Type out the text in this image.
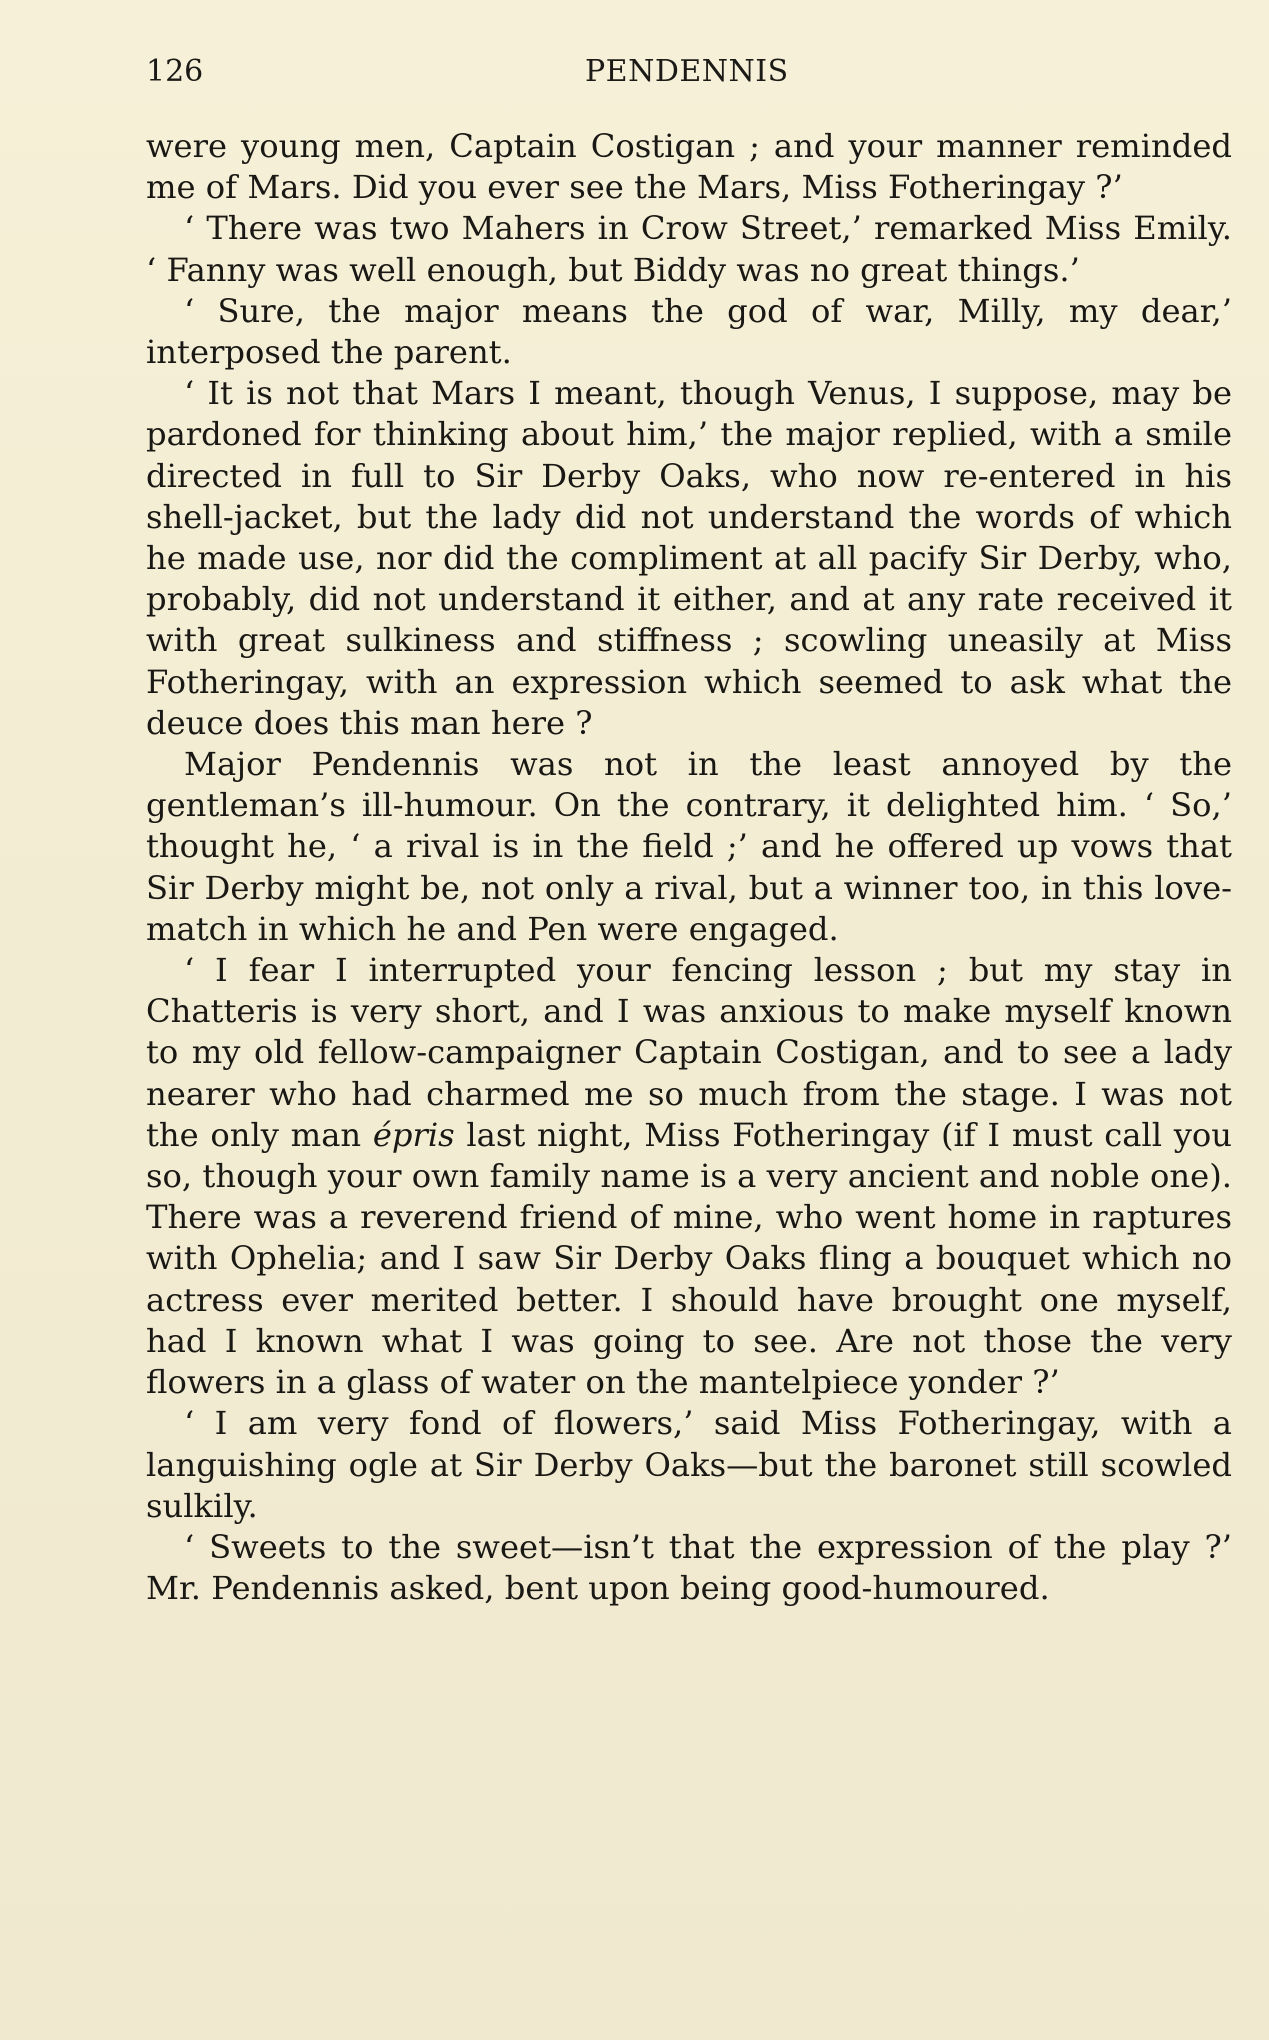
126	PENDENNIS

were young men, Captain Costigan ; and your manner reminded me of Mars. Did you ever see the Mars, Miss Fotheringay ?’

‘ There was two Mahers in Crow Street,’ remarked Miss Emily. ‘ Fanny was well enough, but Biddy was no great things.’

‘ Sure, the major means the god of war, Milly, my dear,’ interposed the parent.

‘ It is not that Mars I meant, though Venus, I suppose, may be pardoned for thinking about him,’ the major replied, with a smile directed in full to Sir Derby Oaks, who now re-entered in his shell-jacket, but the lady did not understand the words of which he made use, nor did the compliment at all pacify Sir Derby, who, probably, did not understand it either, and at any rate received it with great sulkiness and stiffness ; scowling uneasily at Miss Fotheringay, with an expression which seemed to ask what the deuce does this man here ?

Major Pendennis was not in the least annoyed by the gentleman’s ill-humour. On the contrary, it delighted him. ‘ So,’ thought he, ‘ a rival is in the field ;’ and he offered up vows that Sir Derby might be, not only a rival, but a winner too, in this love-match in which he and Pen were engaged.

‘ I fear I interrupted your fencing lesson ; but my stay in Chatteris is very short, and I was anxious to make myself known to my old fellow-campaigner Captain Costigan, and to see a lady nearer who had charmed me so much from the stage. I was not the only man épris last night, Miss Fotheringay (if I must call you so, though your own family name is a very ancient and noble one). There was a reverend friend of mine, who went home in raptures with Ophelia; and I saw Sir Derby Oaks fling a bouquet which no actress ever merited better. I should have brought one myself, had I known what I was going to see. Are not those the very flowers in a glass of water on the mantelpiece yonder ?’

‘ I am very fond of flowers,’ said Miss Fotheringay, with a languishing ogle at Sir Derby Oaks—but the baronet still scowled sulkily.

‘ Sweets to the sweet—isn’t that the expression of the play ?’ Mr. Pendennis asked, bent upon being good-humoured.
